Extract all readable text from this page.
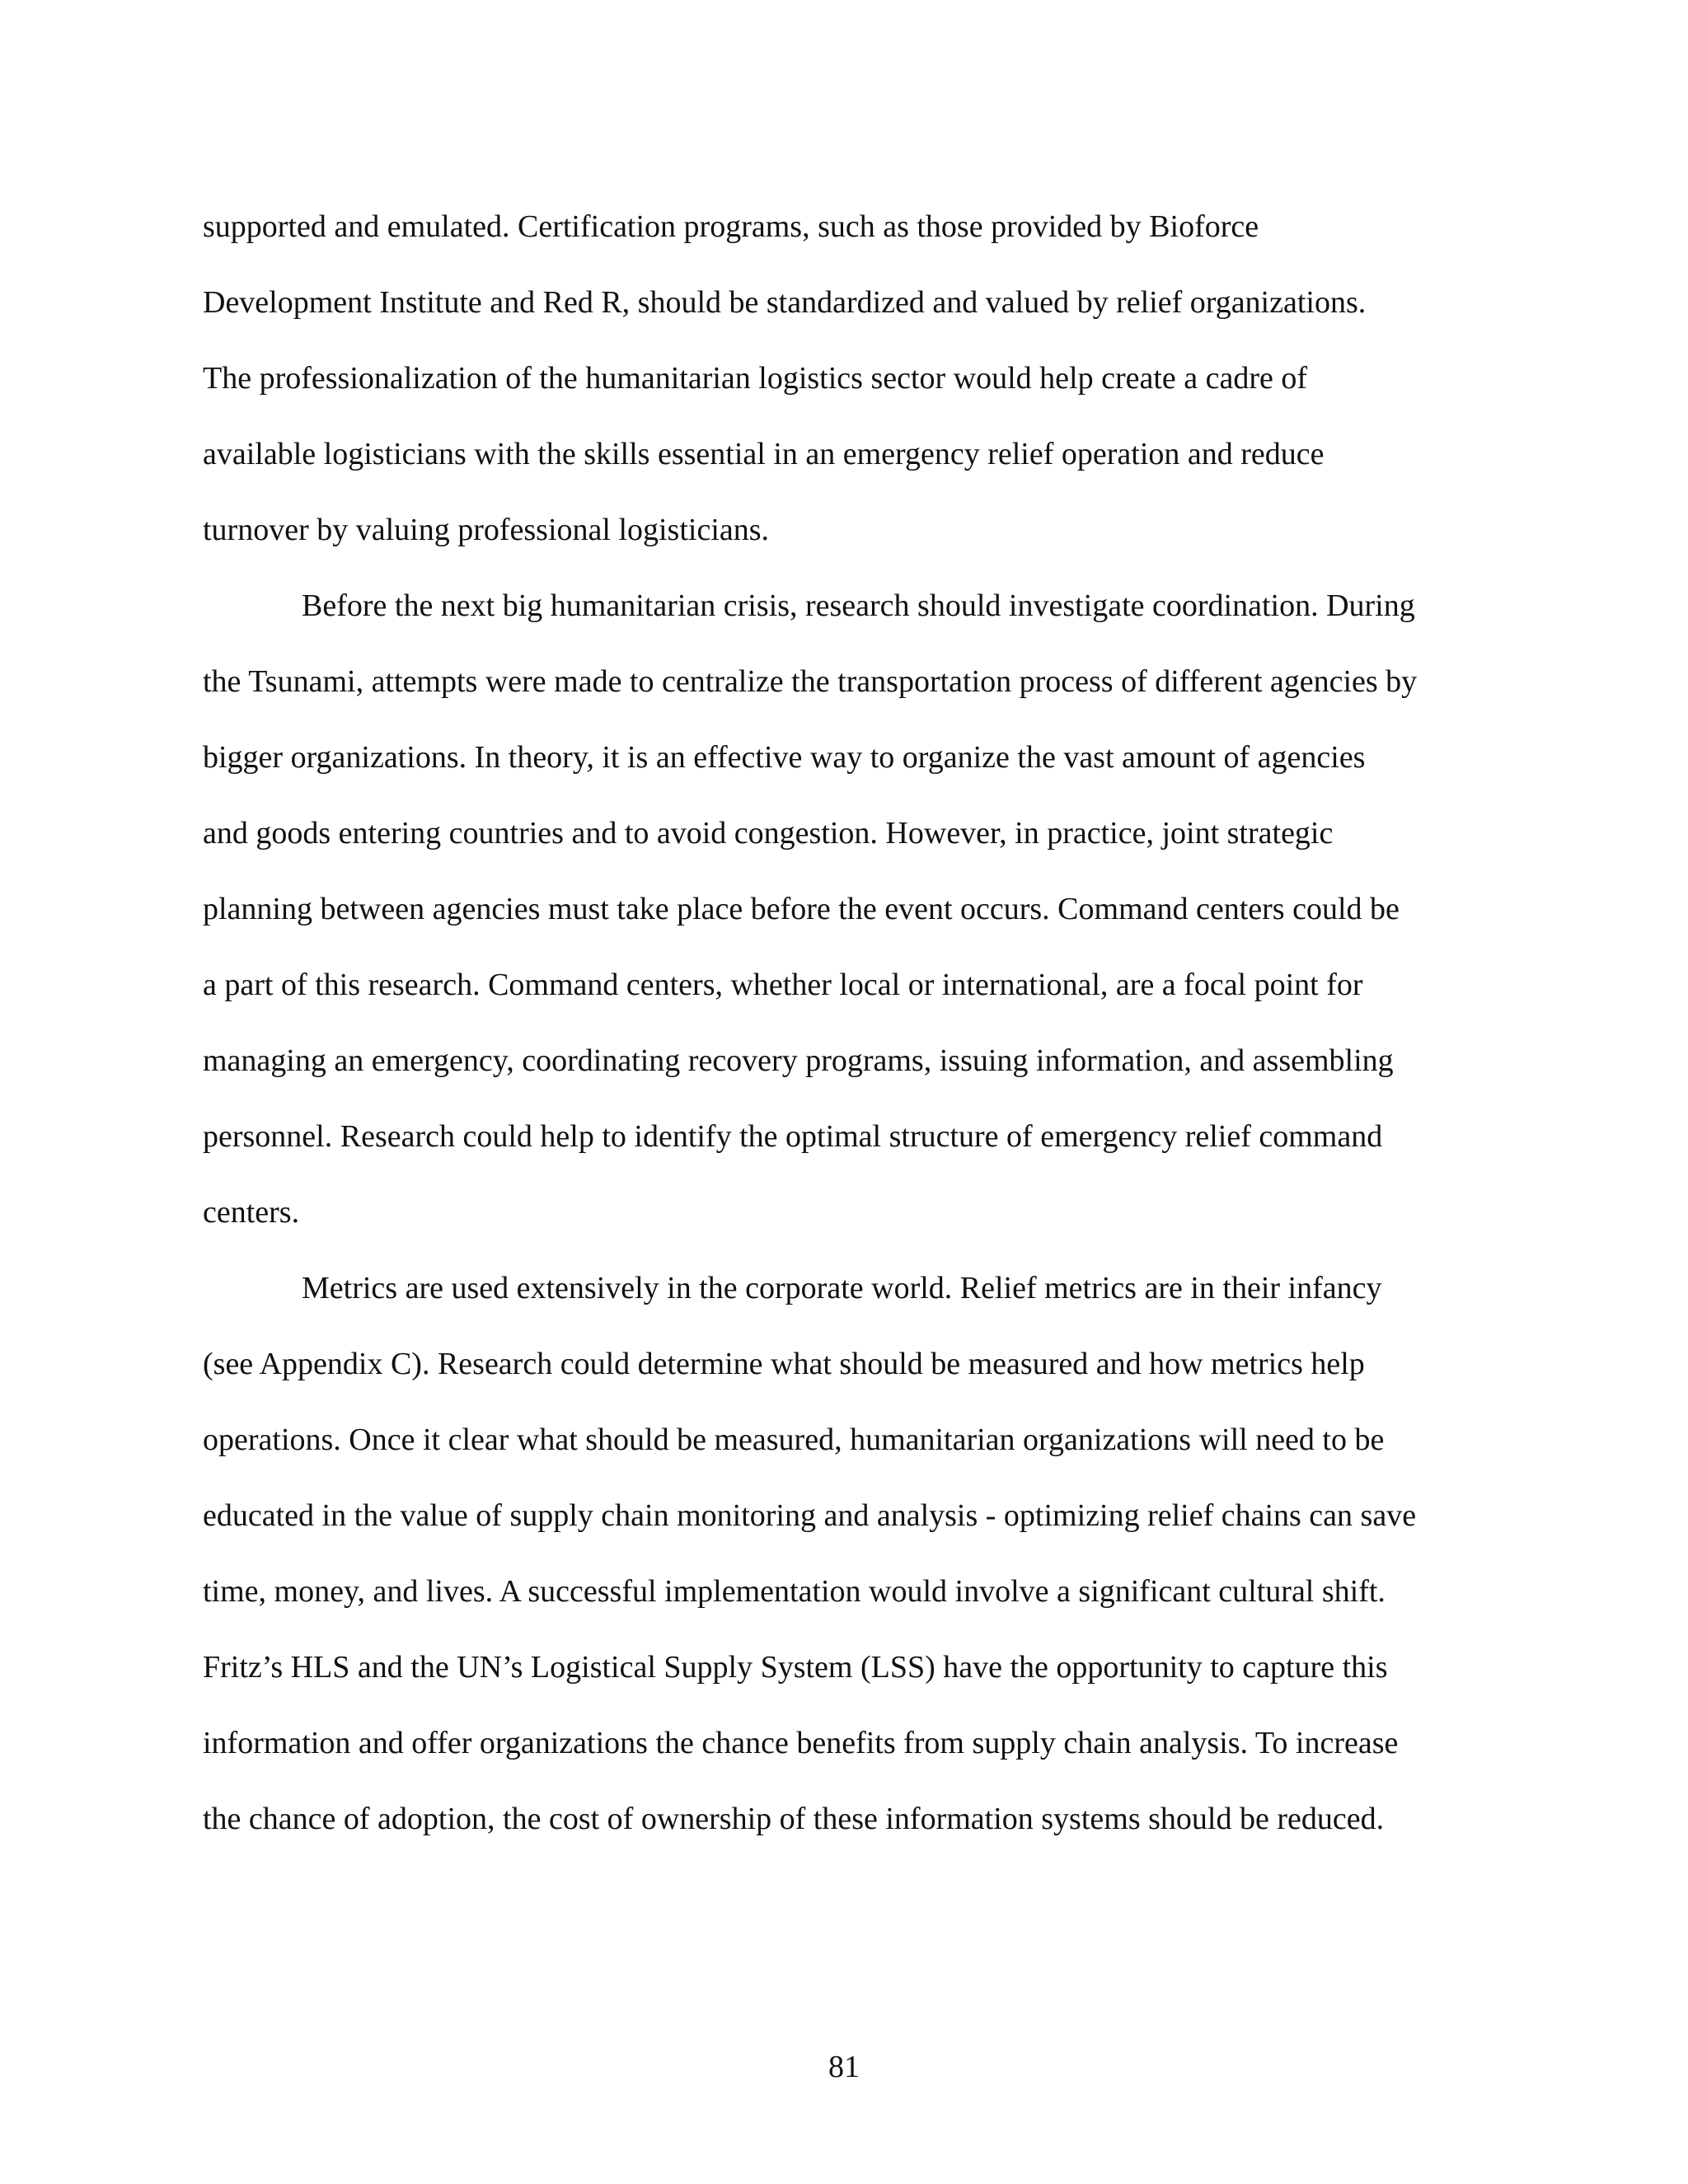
supported and emulated. Certification programs, such as those provided by Bioforce
Development Institute and Red R, should be standardized and valued by relief organizations.
The professionalization of the humanitarian logistics sector would help create a cadre of
available logisticians with the skills essential in an emergency relief operation and reduce
turnover by valuing professional logisticians.
Before the next big humanitarian crisis, research should investigate coordination. During
the Tsunami, attempts were made to centralize the transportation process of different agencies by
bigger organizations. In theory, it is an effective way to organize the vast amount of agencies
and goods entering countries and to avoid congestion. However, in practice, joint strategic
planning between agencies must take place before the event occurs. Command centers could be
a part of this research. Command centers, whether local or international, are a focal point for
managing an emergency, coordinating recovery programs, issuing information, and assembling
personnel. Research could help to identify the optimal structure of emergency relief command
centers.
Metrics are used extensively in the corporate world. Relief metrics are in their infancy
(see Appendix C). Research could determine what should be measured and how metrics help
operations. Once it clear what should be measured, humanitarian organizations will need to be
educated in the value of supply chain monitoring and analysis - optimizing relief chains can save
time, money, and lives. A successful implementation would involve a significant cultural shift.
Fritz’s HLS and the UN’s Logistical Supply System (LSS) have the opportunity to capture this
information and offer organizations the chance benefits from supply chain analysis. To increase
the chance of adoption, the cost of ownership of these information systems should be reduced.
81
